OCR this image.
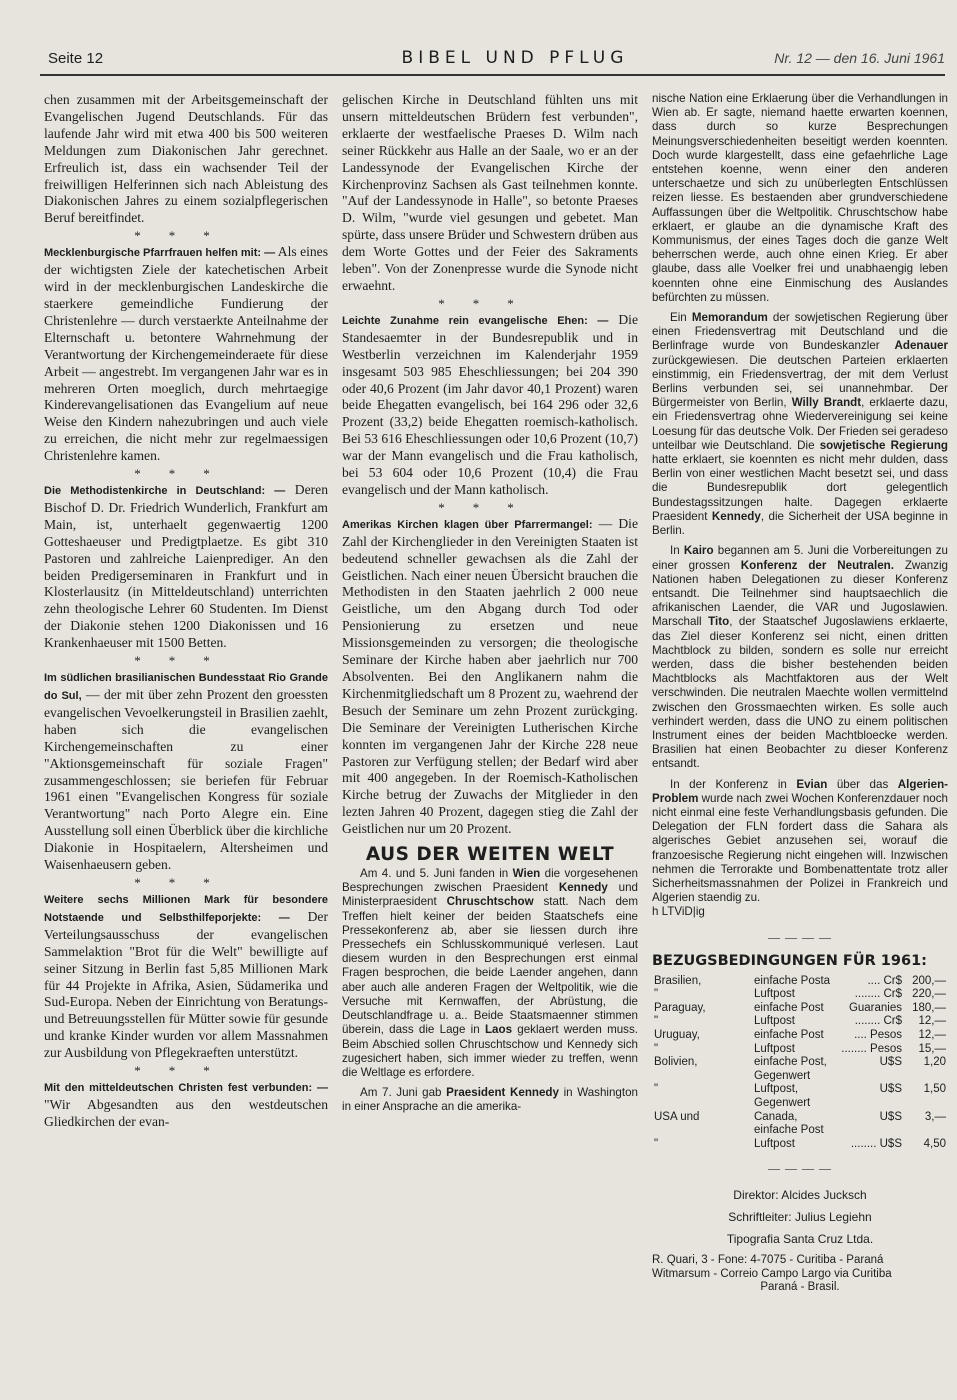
Seite 12	BIBEL UND PFLUG	Nr. 12 — den 16. Juni 1961

chen zusammen mit der Arbeitsgemeinschaft der Evangelischen Jugend Deutschlands. Für das laufende Jahr wird mit etwa 400 bis 500 weiteren Meldungen zum Diakonischen Jahr gerechnet. Erfreulich ist, dass ein wachsender Teil der freiwilligen Helferinnen sich nach Ableistung des Diakonischen Jahres zu einem sozialpflegerischen Beruf bereitfindet.

***

Mecklenburgische Pfarrfrauen helfen mit: — Als eines der wichtigsten Ziele der katechetischen Arbeit wird in der mecklenburgischen Landeskirche die staerkere gemeindliche Fundierung der Christenlehre — durch verstaerkte Anteilnahme der Elternschaft u. betontere Wahrnehmung der Verantwortung der Kirchengemeinderaete für diese Arbeit — angestrebt. Im vergangenen Jahr war es in mehreren Orten moeglich, durch mehrtaegige Kinderevangelisationen das Evangelium auf neue Weise den Kindern nahezubringen und auch viele zu erreichen, die nicht mehr zur regelmaessigen Christenlehre kamen.

***

Die Methodistenkirche in Deutschland: — Deren Bischof D. Dr. Friedrich Wunderlich, Frankfurt am Main, ist, unterhaelt gegenwaertig 1200 Gotteshaeuser und Predigtplaetze. Es gibt 310 Pastoren und zahlreiche Laienprediger. An den beiden Predigerseminaren in Frankfurt und in Klosterlausitz (in Mitteldeutschland) unterrichten zehn theologische Lehrer 60 Studenten. Im Dienst der Diakonie stehen 1200 Diakonissen und 16 Krankenhaeuser mit 1500 Betten.

***

Im südlichen brasilianischen Bundesstaat Rio Grande do Sul, — der mit über zehn Prozent den groessten evangelischen Vevoelkerungsteil in Brasilien zaehlt, haben sich die evangelischen Kirchengemeinschaften zu einer "Aktionsgemeinschaft für soziale Fragen" zusammengeschlossen; sie beriefen für Februar 1961 einen "Evangelischen Kongress für soziale Verantwortung" nach Porto Alegre ein. Eine Ausstellung soll einen Überblick über die kirchliche Diakonie in Hospitaelern, Altersheimen und Waisenhaeusern geben.

***

Weitere sechs Millionen Mark für besondere Notstaende und Selbsthilfeporjekte: — Der Verteilungsausschuss der evangelischen Sammelaktion "Brot für die Welt" bewilligte auf seiner Sitzung in Berlin fast 5,85 Millionen Mark für 44 Projekte in Afrika, Asien, Südamerika und Sud-Europa. Neben der Einrichtung von Beratungs- und Betreuungsstellen für Mütter sowie für gesunde und kranke Kinder wurden vor allem Massnahmen zur Ausbildung von Pflegekraeften unterstützt.

***

Mit den mitteldeutschen Christen fest verbunden: — "Wir Abgesandten aus den westdeutschen Gliedkirchen der evan-

gelischen Kirche in Deutschland fühlten uns mit unsern mitteldeutschen Brüdern fest verbunden", erklaerte der westfaelische Praeses D. Wilm nach seiner Rückkehr aus Halle an der Saale, wo er an der Landessynode der Evangelischen Kirche der Kirchenprovinz Sachsen als Gast teilnehmen konnte. "Auf der Landessynode in Halle", so betonte Praeses D. Wilm, "wurde viel gesungen und gebetet. Man spürte, dass unsere Brüder und Schwestern drüben aus dem Worte Gottes und der Feier des Sakraments leben". Von der Zonenpresse wurde die Synode nicht erwaehnt.

***

Leichte Zunahme rein evangelische Ehen: — Die Standesaemter in der Bundesrepublik und in Westberlin verzeichnen im Kalenderjahr 1959 insgesamt 503 985 Eheschliessungen; bei 204 390 oder 40,6 Prozent (im Jahr davor 40,1 Prozent) waren beide Ehegatten evangelisch, bei 164 296 oder 32,6 Prozent (33,2) beide Ehegatten roemisch-katholisch. Bei 53 616 Eheschliessungen oder 10,6 Prozent (10,7) war der Mann evangelisch und die Frau katholisch, bei 53 604 oder 10,6 Prozent (10,4) die Frau evangelisch und der Mann katholisch.

***

Amerikas Kirchen klagen über Pfarrermangel: — Die Zahl der Kirchenglieder in den Vereinigten Staaten ist bedeutend schneller gewachsen als die Zahl der Geistlichen. Nach einer neuen Übersicht brauchen die Methodisten in den Staaten jaehrlich 2 000 neue Geistliche, um den Abgang durch Tod oder Pensionierung zu ersetzen und neue Missionsgemeinden zu versorgen; die theologische Seminare der Kirche haben aber jaehrlich nur 700 Absolventen. Bei den Anglikanern nahm die Kirchenmitgliedschaft um 8 Prozent zu, waehrend der Besuch der Seminare um zehn Prozent zurückging. Die Seminare der Vereinigten Lutherischen Kirche konnten im vergangenen Jahr der Kirche 228 neue Pastoren zur Verfügung stellen; der Bedarf wird aber mit 400 angegeben. In der Roemisch-Katholischen Kirche betrug der Zuwachs der Mitglieder in den lezten Jahren 40 Prozent, dagegen stieg die Zahl der Geistlichen nur um 20 Prozent.

AUS DER WEITEN WELT

Am 4. und 5. Juni fanden in Wien die vorgesehenen Besprechungen zwischen Praesident Kennedy und Ministerpraesident Chruschtschow statt. Nach dem Treffen hielt keiner der beiden Staatschefs eine Pressekonferenz ab, aber sie liessen durch ihre Pressechefs ein Schlusskommuniqué verlesen. Laut diesem wurden in den Besprechungen erst einmal Fragen besprochen, die beide Laender angehen, dann aber auch alle anderen Fragen der Weltpolitik, wie die Versuche mit Kernwaffen, der Abrüstung, die Deutschlandfrage u. a.. Beide Staatsmaenner stimmen überein, dass die Lage in Laos geklaert werden muss. Beim Abschied sollen Chruschtschow und Kennedy sich zugesichert haben, sich immer wieder zu treffen, wenn die Weltlage es erfordere.

Am 7. Juni gab Praesident Kennedy in Washington in einer Ansprache an die amerika-

nische Nation eine Erklaerung über die Verhandlungen in Wien ab. Er sagte, niemand haette erwarten koennen, dass durch so kurze Besprechungen Meinungsverschiedenheiten beseitigt werden koennten. Doch wurde klargestellt, dass eine gefaehrliche Lage entstehen koenne, wenn einer den anderen unterschaetze und sich zu unüberlegten Entschlüssen reizen liesse. Es bestaenden aber grundverschiedene Auffassungen über die Weltpolitik. Chruschtschow habe erklaert, er glaube an die dynamische Kraft des Kommunismus, der eines Tages doch die ganze Welt beherrschen werde, auch ohne einen Krieg. Er aber glaube, dass alle Voelker frei und unabhaengig leben koennten ohne eine Einmischung des Auslandes befürchten zu müssen.

Ein Memorandum der sowjetischen Regierung über einen Friedensvertrag mit Deutschland und die Berlinfrage wurde von Bundeskanzler Adenauer zurückgewiesen. Die deutschen Parteien erklaerten einstimmig, ein Friedensvertrag, der mit dem Verlust Berlins verbunden sei, sei unannehmbar. Der Bürgermeister von Berlin, Willy Brandt, erklaerte dazu, ein Friedensvertrag ohne Wiedervereinigung sei keine Loesung für das deutsche Volk. Der Frieden sei geradeso unteilbar wie Deutschland. Die sowjetische Regierung hatte erklaert, sie koennten es nicht mehr dulden, dass Berlin von einer westlichen Macht besetzt sei, und dass die Bundesrepublik dort gelegentlich Bundestagssitzungen halte. Dagegen erklaerte Praesident Kennedy, die Sicherheit der USA beginne in Berlin.

In Kairo begannen am 5. Juni die Vorbereitungen zu einer grossen Konferenz der Neutralen. Zwanzig Nationen haben Delegationen zu dieser Konferenz entsandt. Die Teilnehmer sind hauptsaechlich die afrikanischen Laender, die VAR und Jugoslawien. Marschall Tito, der Staatschef Jugoslawiens erklaerte, das Ziel dieser Konferenz sei nicht, einen dritten Machtblock zu bilden, sondern es solle nur erreicht werden, dass die bisher bestehenden beiden Machtblocks als Machtfaktoren aus der Welt verschwinden. Die neutralen Maechte wollen vermittelnd zwischen den Grossmaechten wirken. Es solle auch verhindert werden, dass die UNO zu einem politischen Instrument eines der beiden Machtbloecke werden. Brasilien hat einen Beobachter zu dieser Konferenz entsandt.

In der Konferenz in Evian über das Algerien-Problem wurde nach zwei Wochen Konferenzdauer noch nicht einmal eine feste Verhandlungsbasis gefunden. Die Delegation der FLN fordert dass die Sahara als algerisches Gebiet anzusehen sei, worauf die franzoesische Regierung nicht eingehen will. Inzwischen nehmen die Terrorakte und Bombenattentate trotz aller Sicherheitsmassnahmen der Polizei in Frankreich und Algerien staendig zu.
h LTViD|ig

— — — —
BEZUGSBEDINGUNGEN FÜR 1961:
Brasilien,	einfache Posta	.... Cr$	200,—
"	Luftpost	........ Cr$	220,—
Paraguay,	einfache Post	Guaranies	180,—
"	Luftpost	........ Cr$	12,—
Uruguay,	einfache Post	.... Pesos	12,—
"	Luftpost	........ Pesos	15,—
Bolivien,	einfache Post, Gegenwert	U$S	1,20
"	Luftpost, Gegenwert	U$S	1,50
USA und	Canada, einfache Post	U$S	3,—
"	Luftpost	........ U$S	4,50
— — — —
Direktor: Alcides Jucksch
Schriftleiter: Julius Legiehn
Tipografia Santa Cruz Ltda.
R. Quari, 3 - Fone: 4-7075 - Curitiba - Paraná
Witmarsum - Correio Campo Largo via Curitiba
Paraná - Brasil.
